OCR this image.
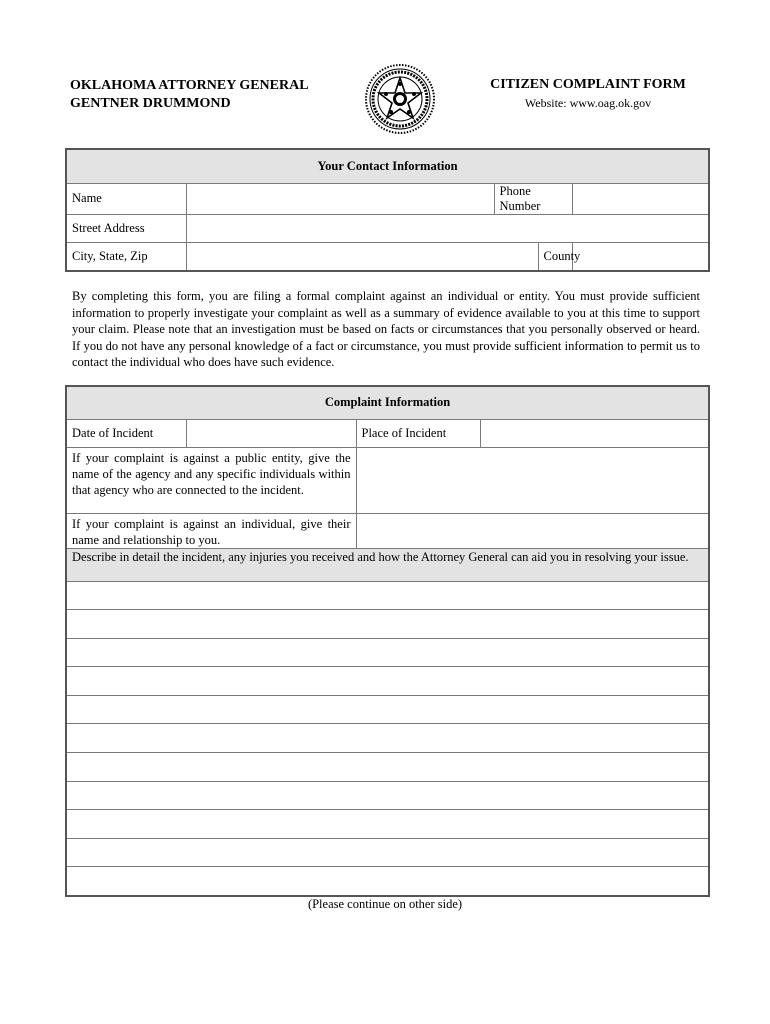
OKLAHOMA ATTORNEY GENERAL
GENTNER DRUMMOND
CITIZEN COMPLAINT FORM
Website: www.oag.ok.gov
Your Contact Information				
Name		Phone Number		
Street Address				
City, State, Zip			County	
By completing this form, you are filing a formal complaint against an individual or entity. You must provide sufficient information to properly investigate your complaint as well as a summary of evidence available to you at this time to support your claim. Please note that an investigation must be based on facts or circumstances that you personally observed or heard. If you do not have any personal knowledge of a fact or circumstance, you must provide sufficient information to permit us to contact the individual who does have such evidence.
Complaint Information			
Date of Incident		Place of Incident	
If your complaint is against a public entity, give the name of the agency and any specific individuals within that agency who are connected to the incident.			
If your complaint is against an individual, give their name and relationship to you.			
Describe in detail the incident, any injuries you received and how the Attorney General can aid you in resolving your issue.			

(Please continue on other side)
